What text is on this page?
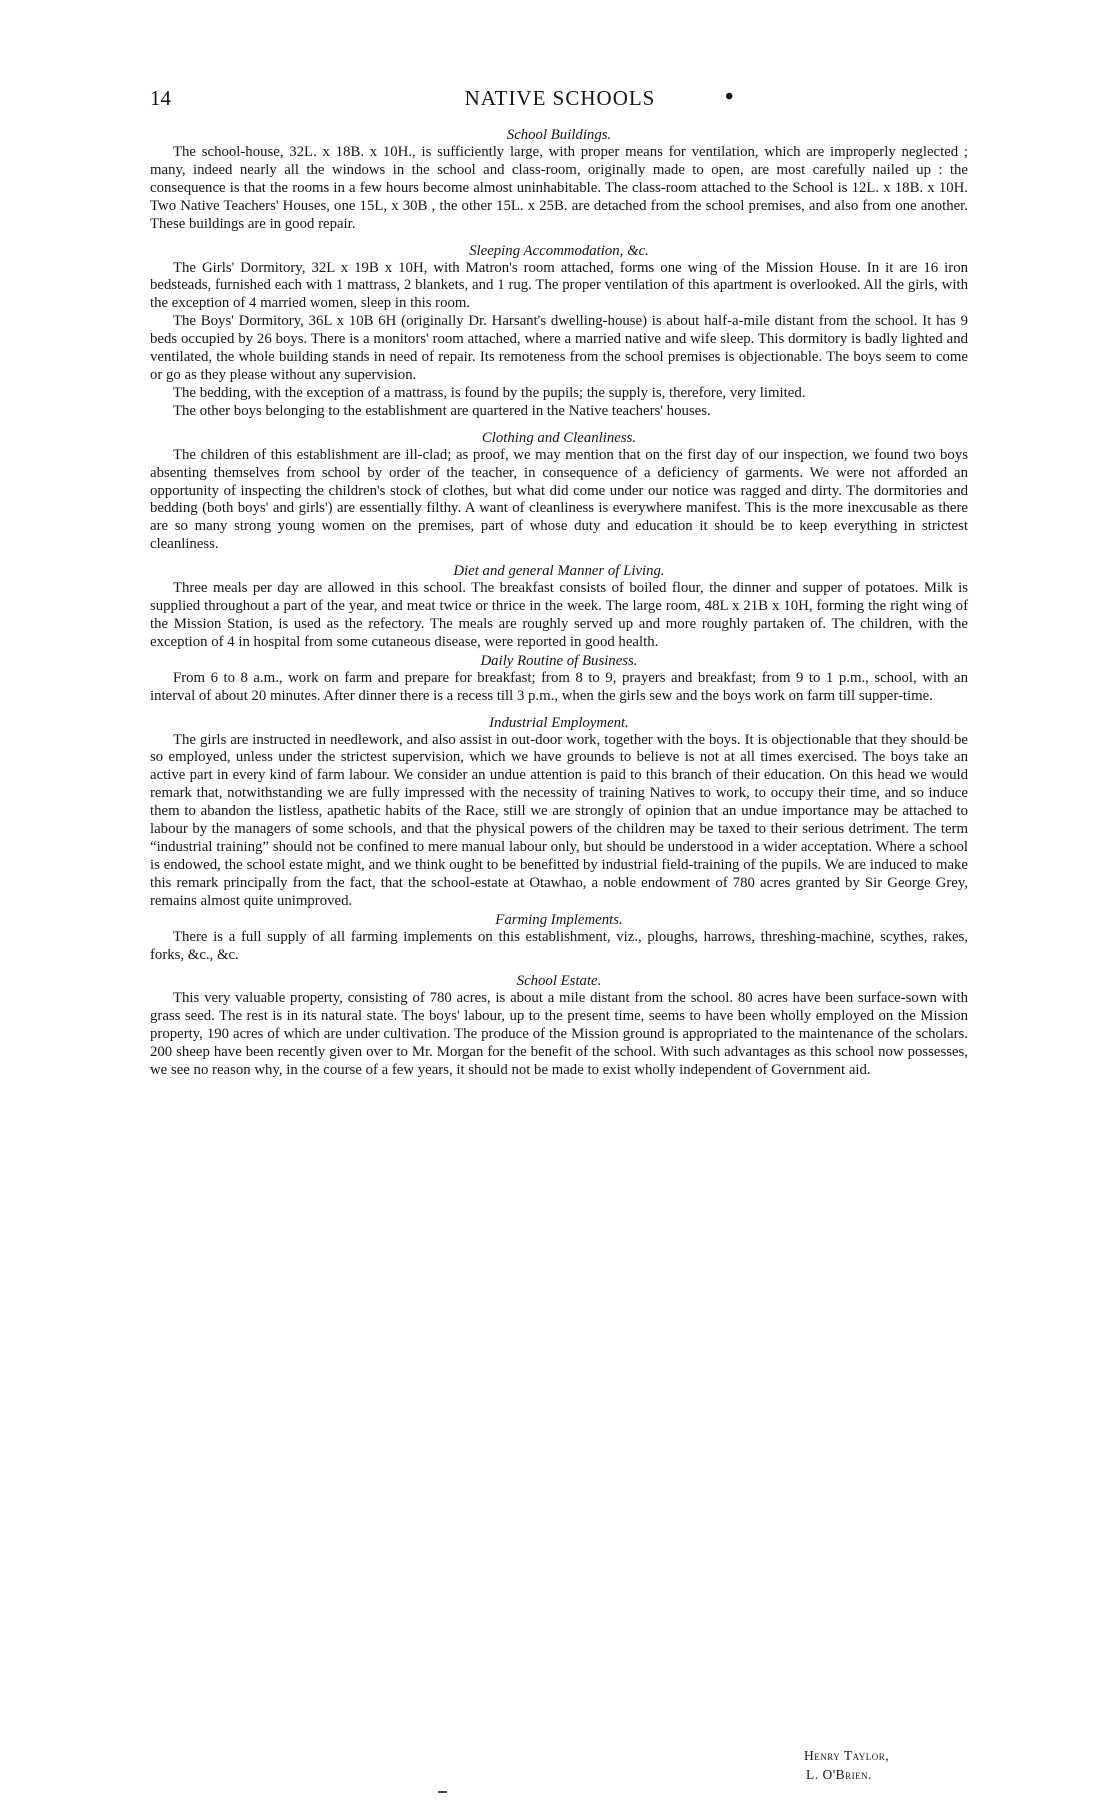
14	NATIVE SCHOOLS	•
School Buildings.

The school-house, 32L. x 18B. x 10H., is sufficiently large, with proper means for ventilation, which are improperly neglected ; many, indeed nearly all the windows in the school and class-room, originally made to open, are most carefully nailed up : the consequence is that the rooms in a few hours become almost uninhabitable. The class-room attached to the School is 12L. x 18B. x 10H. Two Native Teachers' Houses, one 15L, x 30B , the other 15L. x 25B. are detached from the school premises, and also from one another. These buildings are in good repair.

Sleeping Accommodation, &c.

The Girls' Dormitory, 32L x 19B x 10H, with Matron's room attached, forms one wing of the Mission House. In it are 16 iron bedsteads, furnished each with 1 mattrass, 2 blankets, and 1 rug. The proper ventilation of this apartment is overlooked. All the girls, with the exception of 4 married women, sleep in this room.

The Boys' Dormitory, 36L x 10B 6H (originally Dr. Harsant's dwelling-house) is about half-a-mile distant from the school. It has 9 beds occupied by 26 boys. There is a monitors' room attached, where a married native and wife sleep. This dormitory is badly lighted and ventilated, the whole building stands in need of repair. Its remoteness from the school premises is objectionable. The boys seem to come or go as they please without any supervision.

The bedding, with the exception of a mattrass, is found by the pupils; the supply is, therefore, very limited.

The other boys belonging to the establishment are quartered in the Native teachers' houses.

Clothing and Cleanliness.

The children of this establishment are ill-clad; as proof, we may mention that on the first day of our inspection, we found two boys absenting themselves from school by order of the teacher, in consequence of a deficiency of garments. We were not afforded an opportunity of inspecting the children's stock of clothes, but what did come under our notice was ragged and dirty. The dormitories and bedding (both boys' and girls') are essentially filthy. A want of cleanliness is everywhere manifest. This is the more inexcusable as there are so many strong young women on the premises, part of whose duty and education it should be to keep everything in strictest cleanliness.

Diet and general Manner of Living.

Three meals per day are allowed in this school. The breakfast consists of boiled flour, the dinner and supper of potatoes. Milk is supplied throughout a part of the year, and meat twice or thrice in the week. The large room, 48L x 21B x 10H, forming the right wing of the Mission Station, is used as the refectory. The meals are roughly served up and more roughly partaken of. The children, with the exception of 4 in hospital from some cutaneous disease, were reported in good health.

Daily Routine of Business.

From 6 to 8 a.m., work on farm and prepare for breakfast; from 8 to 9, prayers and breakfast; from 9 to 1 p.m., school, with an interval of about 20 minutes. After dinner there is a recess till 3 p.m., when the girls sew and the boys work on farm till supper-time.

Industrial Employment.

The girls are instructed in needlework, and also assist in out-door work, together with the boys. It is objectionable that they should be so employed, unless under the strictest supervision, which we have grounds to believe is not at all times exercised. The boys take an active part in every kind of farm labour. We consider an undue attention is paid to this branch of their education. On this head we would remark that, notwithstanding we are fully impressed with the necessity of training Natives to work, to occupy their time, and so induce them to abandon the listless, apathetic habits of the Race, still we are strongly of opinion that an undue importance may be attached to labour by the managers of some schools, and that the physical powers of the children may be taxed to their serious detriment. The term “industrial training” should not be confined to mere manual labour only, but should be understood in a wider acceptation. Where a school is endowed, the school estate might, and we think ought to be benefitted by industrial field-training of the pupils. We are induced to make this remark principally from the fact, that the school-estate at Otawhao, a noble endowment of 780 acres granted by Sir George Grey, remains almost quite unimproved.

Farming Implements.

There is a full supply of all farming implements on this establishment, viz., ploughs, harrows, threshing-machine, scythes, rakes, forks, &c., &c.

School Estate.

This very valuable property, consisting of 780 acres, is about a mile distant from the school. 80 acres have been surface-sown with grass seed. The rest is in its natural state. The boys' labour, up to the present time, seems to have been wholly employed on the Mission property, 190 acres of which are under cultivation. The produce of the Mission ground is appropriated to the maintenance of the scholars. 200 sheep have been recently given over to Mr. Morgan for the benefit of the school. With such advantages as this school now possesses, we see no reason why, in the course of a few years, it should not be made to exist wholly independent of Government aid.

Henry Taylor,
L. O'Brien.
